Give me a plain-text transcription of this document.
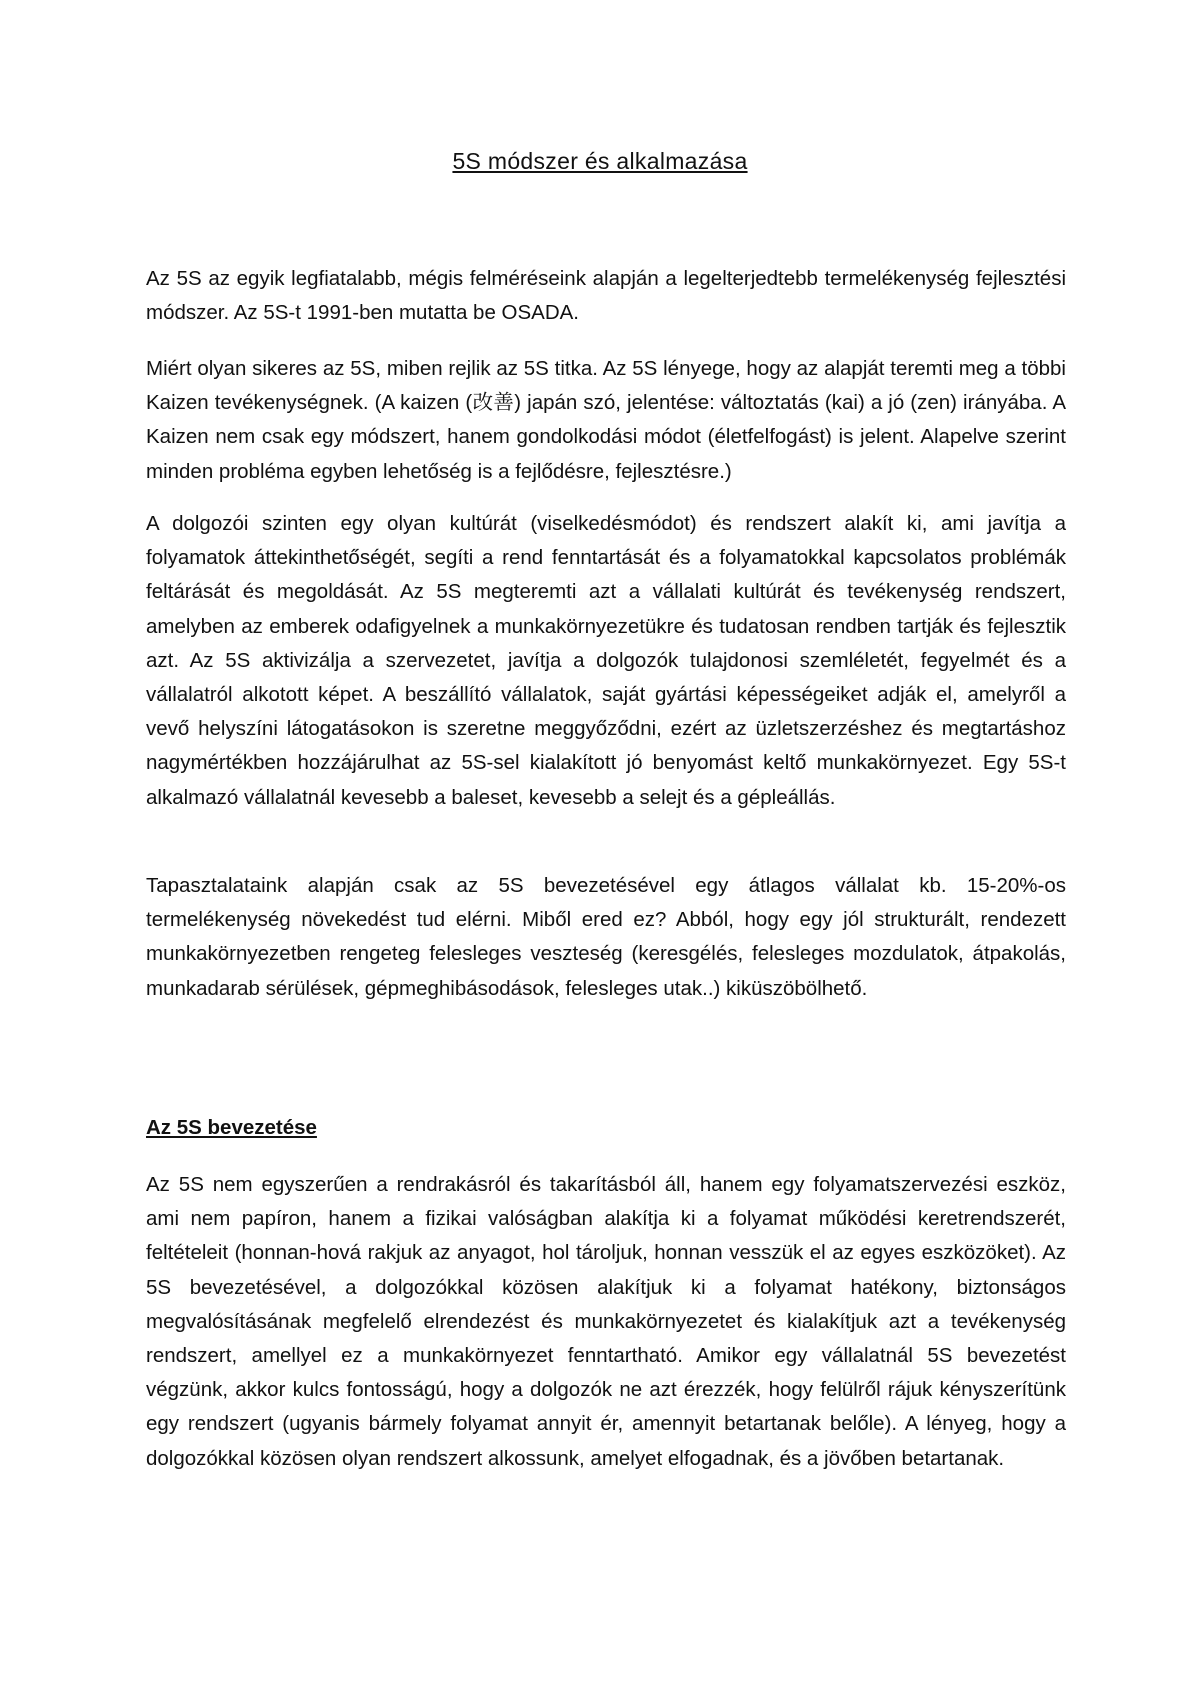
5S módszer és alkalmazása

Az 5S az egyik legfiatalabb, mégis felméréseink alapján a legelterjedtebb termelékenység fejlesztési módszer. Az 5S-t 1991-ben mutatta be OSADA.

Miért olyan sikeres az 5S, miben rejlik az 5S titka. Az 5S lényege, hogy az alapját teremti meg a többi Kaizen tevékenységnek. (A kaizen (改善) japán szó, jelentése: változtatás (kai) a jó (zen) irányába. A Kaizen nem csak egy módszert, hanem gondolkodási módot (életfelfogást) is jelent. Alapelve szerint minden probléma egyben lehetőség is a fejlődésre, fejlesztésre.)

A dolgozói szinten egy olyan kultúrát (viselkedésmódot) és rendszert alakít ki, ami javítja a folyamatok áttekinthetőségét, segíti a rend fenntartását és a folyamatokkal kapcsolatos problémák feltárását és megoldását. Az 5S megteremti azt a vállalati kultúrát és tevékenység rendszert, amelyben az emberek odafigyelnek a munkakörnyezetükre és tudatosan rendben tartják és fejlesztik azt. Az 5S aktivizálja a szervezetet, javítja a dolgozók tulajdonosi szemléletét, fegyelmét és a vállalatról alkotott képet. A beszállító vállalatok, saját gyártási képességeiket adják el, amelyről a vevő helyszíni látogatásokon is szeretne meggyőződni, ezért az üzletszerzéshez és megtartáshoz nagymértékben hozzájárulhat az 5S-sel kialakított jó benyomást keltő munkakörnyezet. Egy 5S-t alkalmazó vállalatnál kevesebb a baleset, kevesebb a selejt és a gépleállás.

Tapasztalataink alapján csak az 5S bevezetésével egy átlagos vállalat kb. 15-20%-os termelékenység növekedést tud elérni. Miből ered ez? Abból, hogy egy jól strukturált, rendezett munkakörnyezetben rengeteg felesleges veszteség (keresgélés, felesleges mozdulatok, átpakolás, munkadarab sérülések, gépmeghibásodások, felesleges utak..) kiküszöbölhető.

Az 5S bevezetése

Az 5S nem egyszerűen a rendrakásról és takarításból áll, hanem egy folyamatszervezési eszköz, ami nem papíron, hanem a fizikai valóságban alakítja ki a folyamat működési keretrendszerét, feltételeit (honnan-hová rakjuk az anyagot, hol tároljuk, honnan vesszük el az egyes eszközöket). Az 5S bevezetésével, a dolgozókkal közösen alakítjuk ki a folyamat hatékony, biztonságos megvalósításának megfelelő elrendezést és munkakörnyezetet és kialakítjuk azt a tevékenység rendszert, amellyel ez a munkakörnyezet fenntartható. Amikor egy vállalatnál 5S bevezetést végzünk, akkor kulcs fontosságú, hogy a dolgozók ne azt érezzék, hogy felülről rájuk kényszerítünk egy rendszert (ugyanis bármely folyamat annyit ér, amennyit betartanak belőle). A lényeg, hogy a dolgozókkal közösen olyan rendszert alkossunk, amelyet elfogadnak, és a jövőben betartanak.
